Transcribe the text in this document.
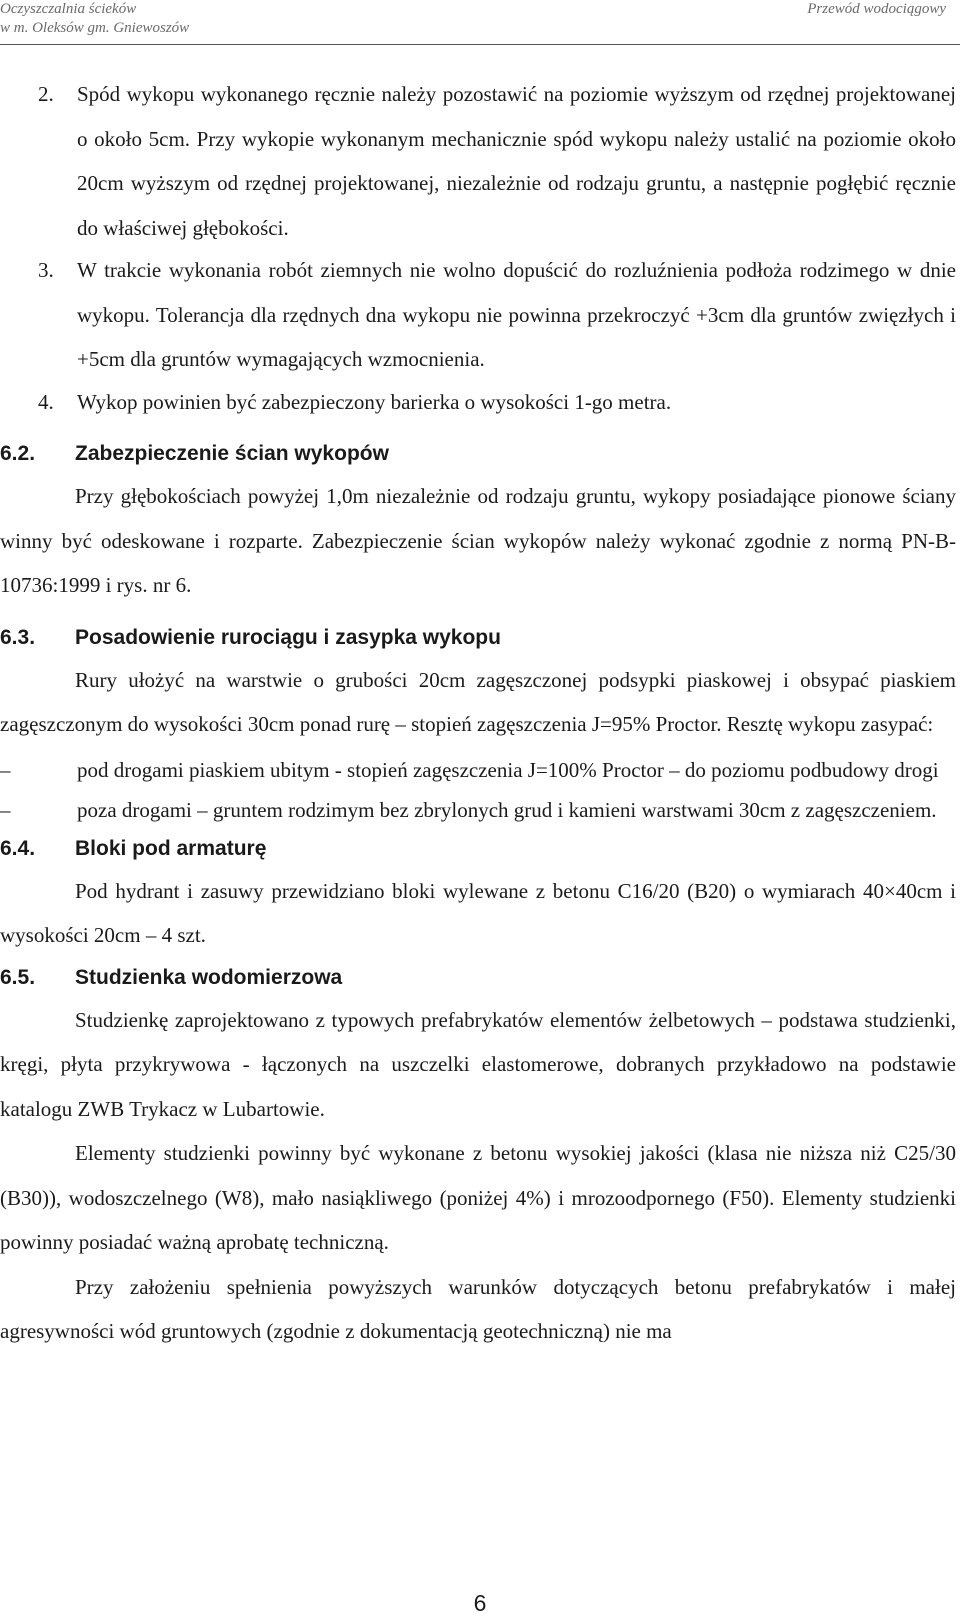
Oczyszczalnia ścieków
w m. Oleksów gm. Gniewoszów
Przewód wodociągowy

2. Spód wykopu wykonanego ręcznie należy pozostawić na poziomie wyższym od rzędnej projektowanej o około 5cm. Przy wykopie wykonanym mechanicznie spód wykopu należy ustalić na poziomie około 20cm wyższym od rzędnej projektowanej, niezależnie od rodzaju gruntu, a następnie pogłębić ręcznie do właściwej głębokości.

3. W trakcie wykonania robót ziemnych nie wolno dopuścić do rozluźnienia podłoża rodzimego w dnie wykopu. Tolerancja dla rzędnych dna wykopu nie powinna przekroczyć +3cm dla gruntów zwięzłych i +5cm dla gruntów wymagających wzmocnienia.

4. Wykop powinien być zabezpieczony barierka o wysokości 1-go metra.

6.2. Zabezpieczenie ścian wykopów

Przy głębokościach powyżej 1,0m niezależnie od rodzaju gruntu, wykopy posiadające pionowe ściany winny być odeskowane i rozparte. Zabezpieczenie ścian wykopów należy wykonać zgodnie z normą PN-B-10736:1999 i rys. nr 6.

6.3. Posadowienie rurociągu i zasypka wykopu

Rury ułożyć na warstwie o grubości 20cm zagęszczonej podsypki piaskowej i obsypać piaskiem zagęszczonym do wysokości 30cm ponad rurę – stopień zagęszczenia J=95% Proctor. Resztę wykopu zasypać:

–	pod drogami piaskiem ubitym - stopień zagęszczenia J=100% Proctor – do poziomu podbudowy drogi

–	poza drogami – gruntem rodzimym bez zbrylonych grud i kamieni warstwami 30cm z zagęszczeniem.

6.4. Bloki pod armaturę

Pod hydrant i zasuwy przewidziano bloki wylewane z betonu C16/20 (B20) o wymiarach 40×40cm i wysokości 20cm – 4 szt.

6.5. Studzienka wodomierzowa

Studzienkę zaprojektowano z typowych prefabrykatów elementów żelbetowych – podstawa studzienki, kręgi, płyta przykrywowa - łączonych na uszczelki elastomerowe, dobranych przykładowo na podstawie katalogu ZWB Trykacz w Lubartowie.

Elementy studzienki powinny być wykonane z betonu wysokiej jakości (klasa nie niższa niż C25/30 (B30)), wodoszczelnego (W8), mało nasiąkliwego (poniżej 4%) i mrozoodpornego (F50). Elementy studzienki powinny posiadać ważną aprobatę techniczną.

Przy założeniu spełnienia powyższych warunków dotyczących betonu prefabrykatów i małej agresywności wód gruntowych (zgodnie z dokumentacją geotechniczną) nie ma

6
